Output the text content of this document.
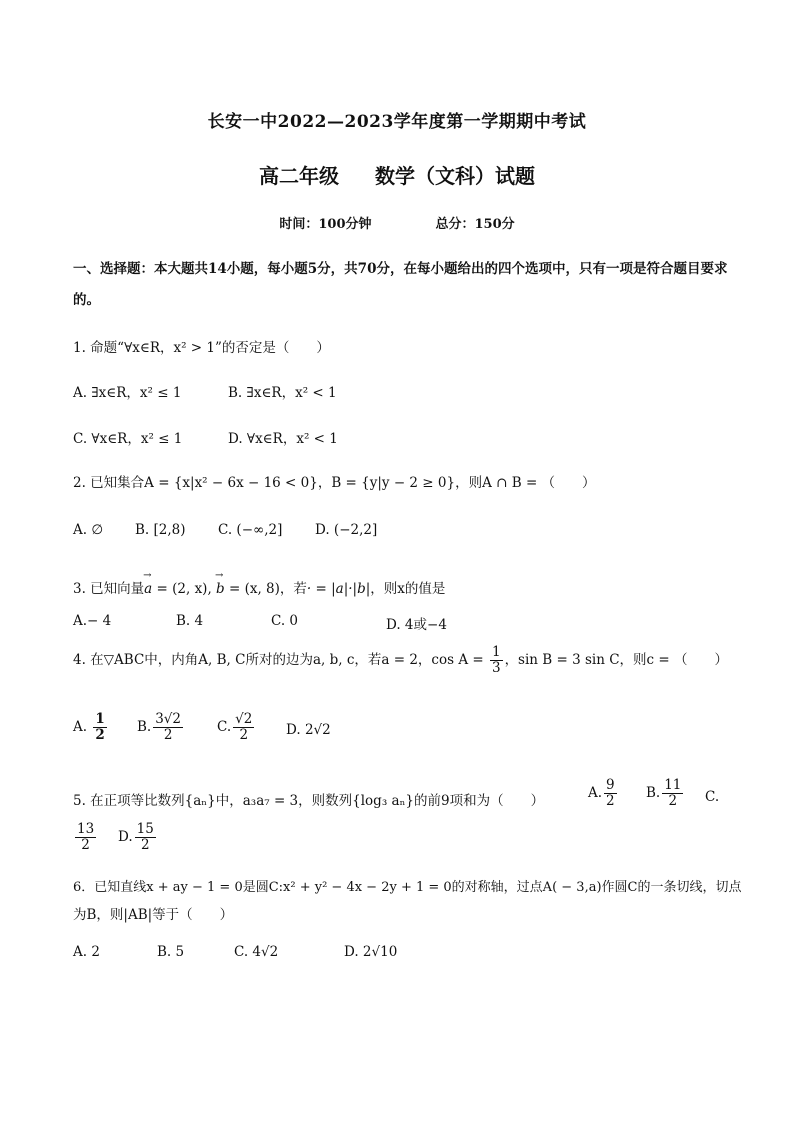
长安一中2022—2023学年度第一学期期中考试
高二年级 数学（文科）试题
时间：100分钟	总分：150分
一、选择题：本大题共14小题，每小题5分，共70分，在每小题给出的四个选项中，只有一项是符合题目要求的。
1. 命题“∀x∈R，x² > 1”的否定是（　　）
A. ∃x∈R，x² ≤ 1	B. ∃x∈R，x² < 1
C. ∀x∈R，x² ≤ 1	D. ∀x∈R，x² < 1
2. 已知集合A = {x|x² − 6x − 16 < 0}，B = {y|y − 2 ≥ 0}，则A ∩ B = （　　）
A. ∅ B. [2,8) C. (−∞,2] D. (−2,2]
3. 已知向量→ a = (2, x), → b = (x, 8)，若· = |a|·|b|，则x的值是
A.− 4	B. 4	C. 0	D. 4或−4
4. 在▽ABC中，内角A, B, C所对的边为a, b, c，若a = 2，$\cos A = \frac{1}{3}$ ，sin B = 3 sin C，则c = （　　）
A. $\frac{1}{2} B$. $\frac{3√2}{2}$	C. $\frac{√2}{2} D$. 2√2
5. 在正项等比数列{aₙ}中，a₃a₇ = 3，则数列{log₃ aₙ}的前9项和为（　　）
A. $\frac{9}{2} B$. $\frac{11}{2} C$.
$\frac{13}{2} D$. $\frac{15}{2}$
6．已知直线x + ay − 1 = 0是圆C:x² + y² − 4x − 2y + 1 = 0的对称轴，过点A( − 3,a)作圆C的一条切线，切点
为B，则|AB|等于（　　）
A. 2	B. 5	C. 4√2	D. 2√10
